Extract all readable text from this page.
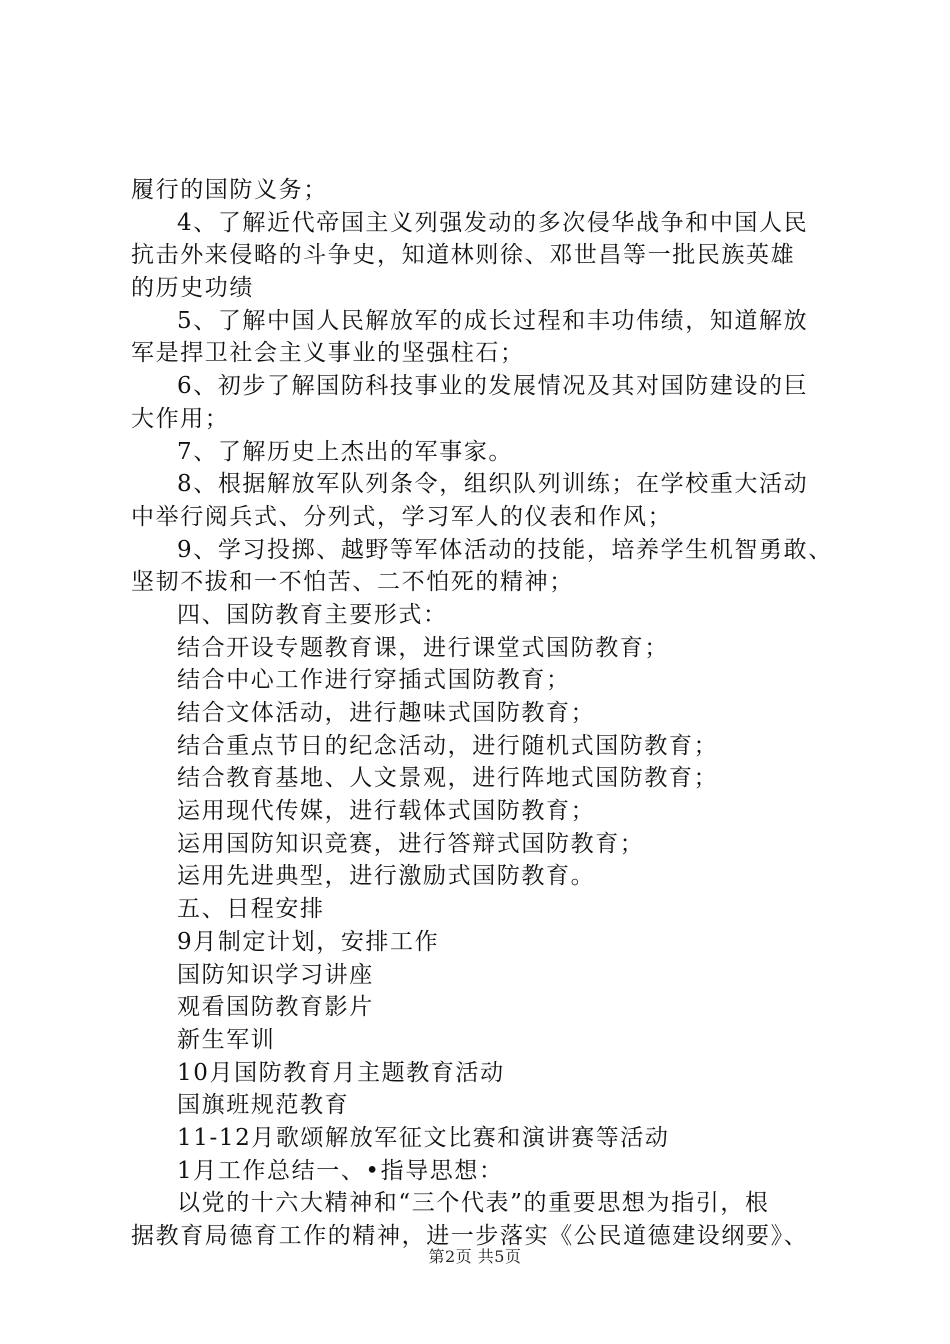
履行的国防义务；
4、了解近代帝国主义列强发动的多次侵华战争和中国人民
抗击外来侵略的斗争史，知道林则徐、邓世昌等一批民族英雄
的历史功绩
5、了解中国人民解放军的成长过程和丰功伟绩，知道解放
军是捍卫社会主义事业的坚强柱石；
6、初步了解国防科技事业的发展情况及其对国防建设的巨
大作用；
7、了解历史上杰出的军事家。
8、根据解放军队列条令，组织队列训练；在学校重大活动
中举行阅兵式、分列式，学习军人的仪表和作风；
9、学习投掷、越野等军体活动的技能，培养学生机智勇敢、
坚韧不拔和一不怕苦、二不怕死的精神；
四、国防教育主要形式：
结合开设专题教育课，进行课堂式国防教育；
结合中心工作进行穿插式国防教育；
结合文体活动，进行趣味式国防教育；
结合重点节日的纪念活动，进行随机式国防教育；
结合教育基地、人文景观，进行阵地式国防教育；
运用现代传媒，进行载体式国防教育；
运用国防知识竞赛，进行答辩式国防教育；
运用先进典型，进行激励式国防教育。
五、日程安排
9月制定计划，安排工作
国防知识学习讲座
观看国防教育影片
新生军训
10月国防教育月主题教育活动
国旗班规范教育
11-12月歌颂解放军征文比赛和演讲赛等活动
1月工作总结一、•指导思想：
以党的十六大精神和“三个代表”的重要思想为指引，根
据教育局德育工作的精神，进一步落实《公民道德建设纲要》、
第2页 共5页
